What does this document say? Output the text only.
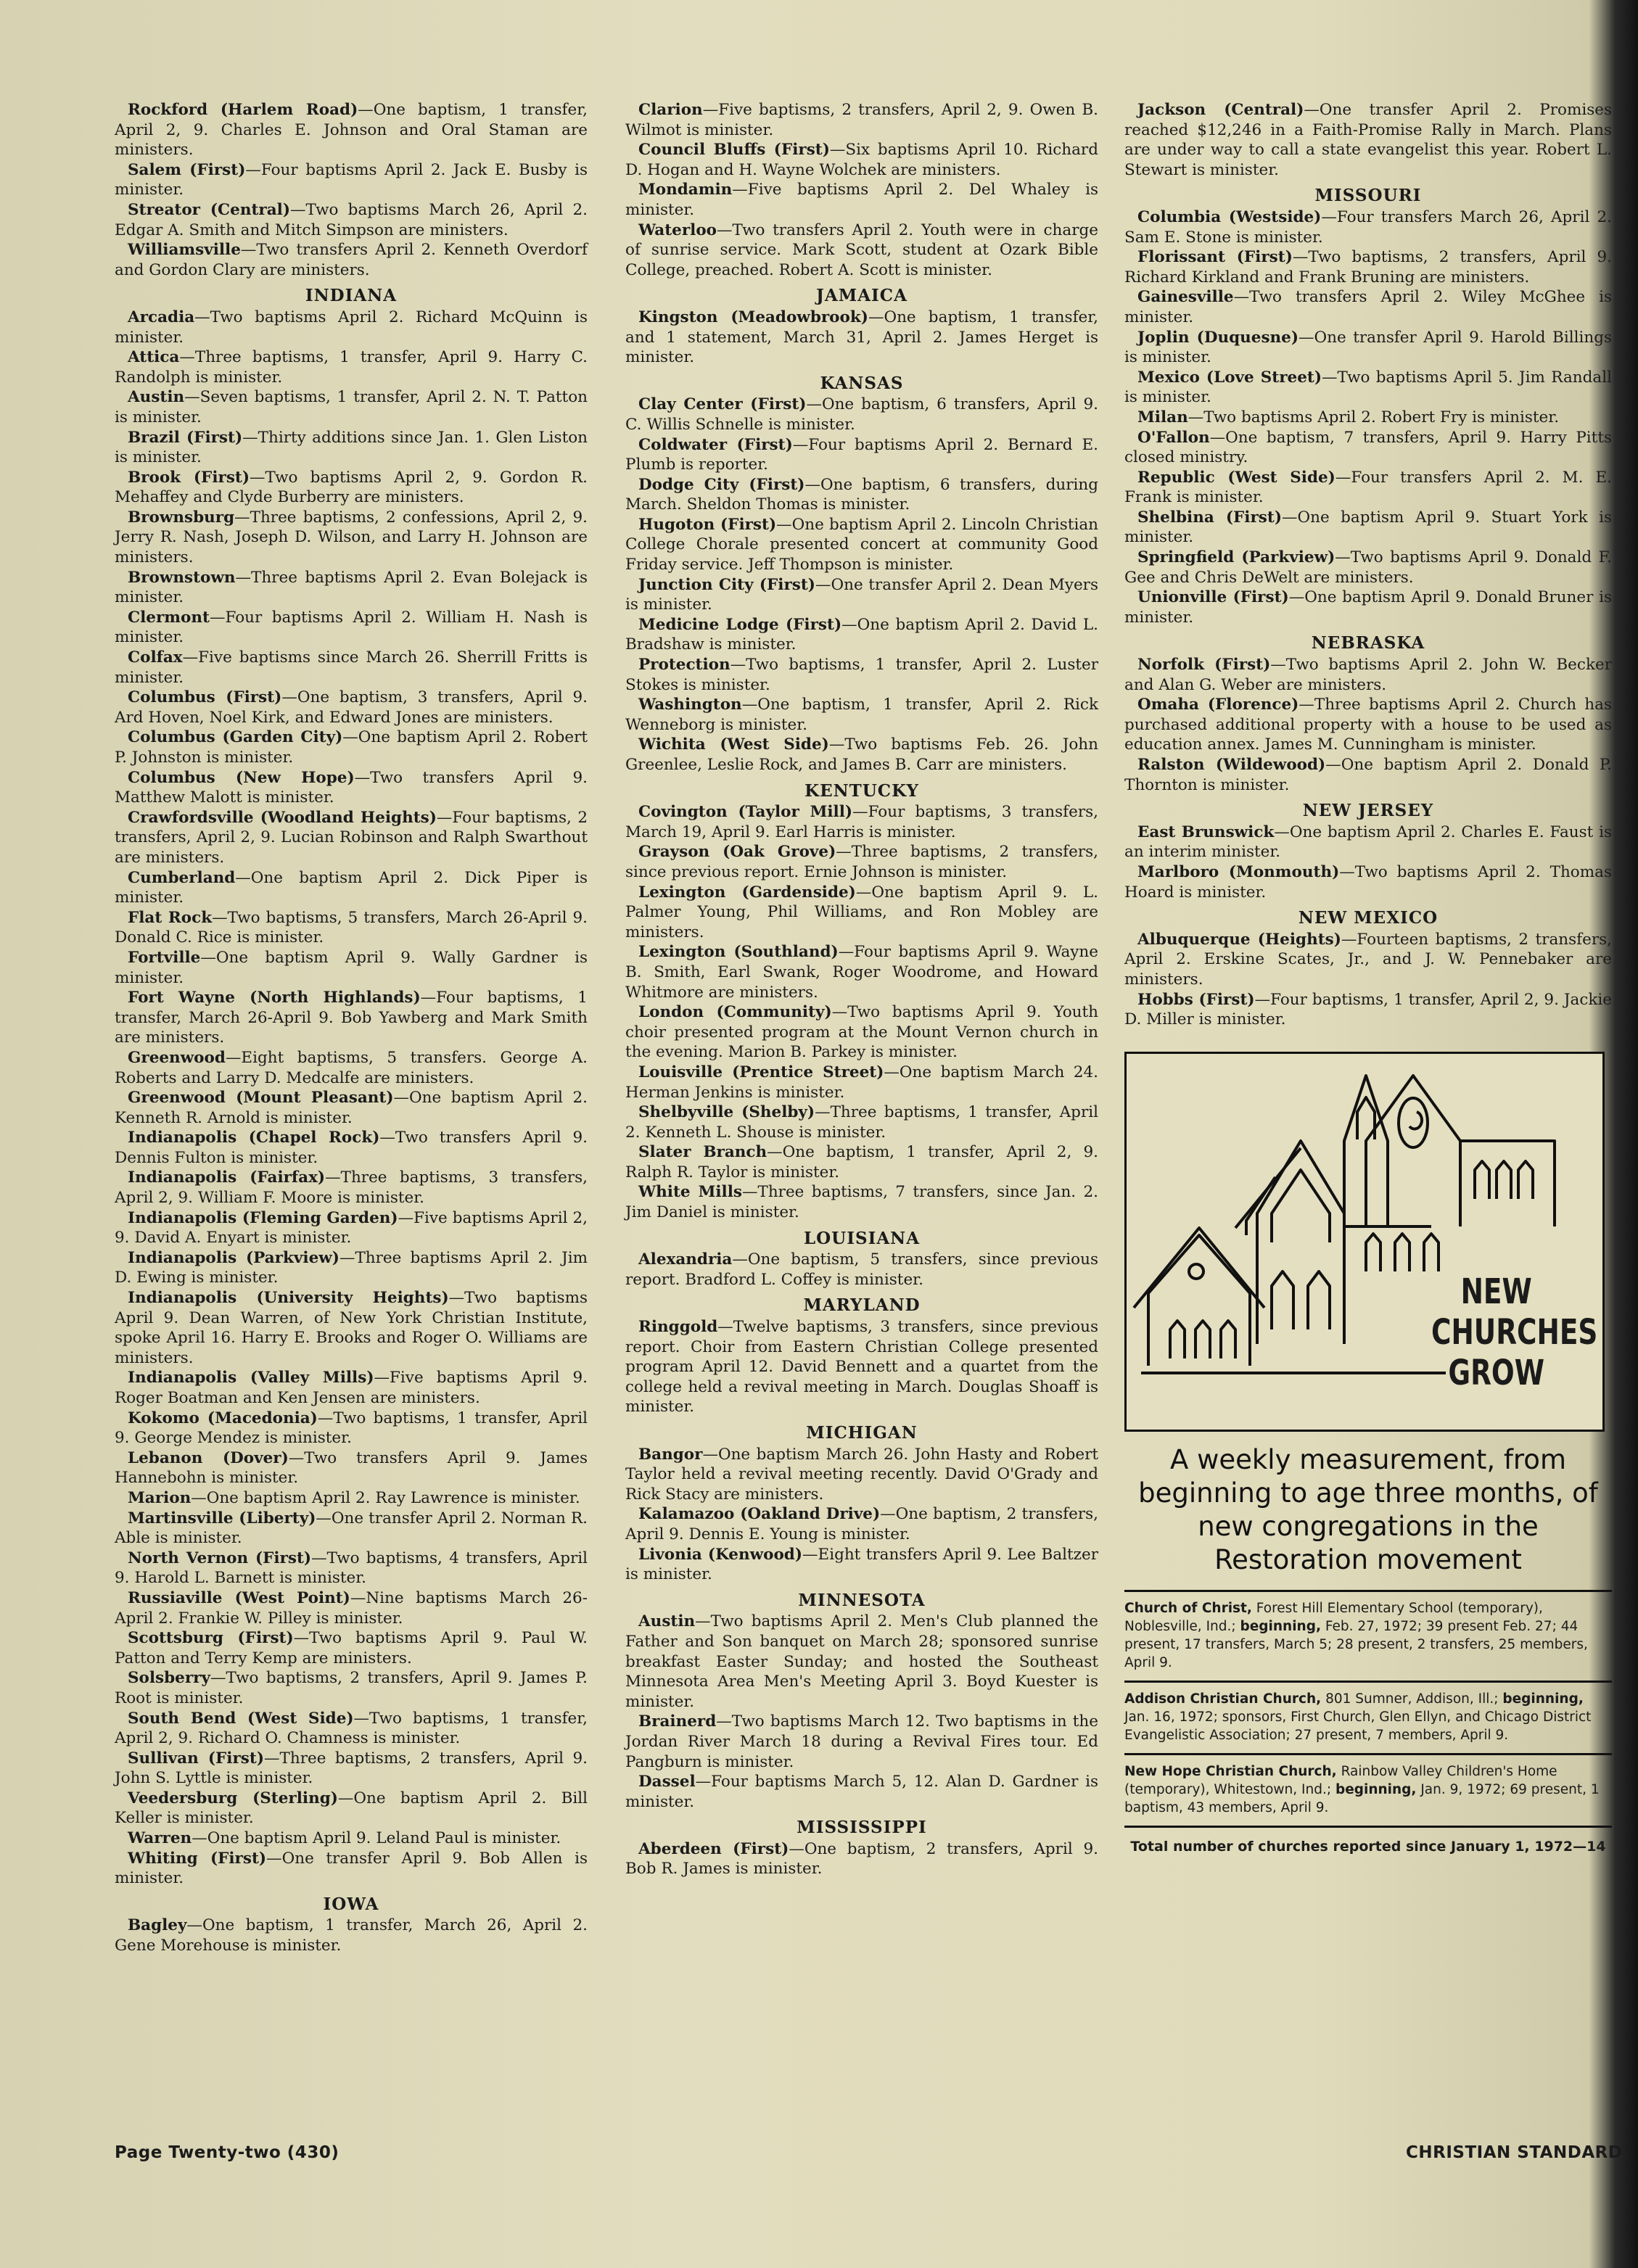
Rockford (Harlem Road)—One baptism, 1 transfer, April 2, 9. Charles E. Johnson and Oral Staman are ministers.

Salem (First)—Four baptisms April 2. Jack E. Busby is minister.

Streator (Central)—Two baptisms March 26, April 2. Edgar A. Smith and Mitch Simpson are ministers.

Williamsville—Two transfers April 2. Kenneth Overdorf and Gordon Clary are ministers.

INDIANA

Arcadia—Two baptisms April 2. Richard McQuinn is minister.

Attica—Three baptisms, 1 transfer, April 9. Harry C. Randolph is minister.

Austin—Seven baptisms, 1 transfer, April 2. N. T. Patton is minister.

Brazil (First)—Thirty additions since Jan. 1. Glen Liston is minister.

Brook (First)—Two baptisms April 2, 9. Gordon R. Mehaffey and Clyde Burberry are ministers.

Brownsburg—Three baptisms, 2 confessions, April 2, 9. Jerry R. Nash, Joseph D. Wilson, and Larry H. Johnson are ministers.

Brownstown—Three baptisms April 2. Evan Bolejack is minister.

Clermont—Four baptisms April 2. William H. Nash is minister.

Colfax—Five baptisms since March 26. Sherrill Fritts is minister.

Columbus (First)—One baptism, 3 transfers, April 9. Ard Hoven, Noel Kirk, and Edward Jones are ministers.

Columbus (Garden City)—One baptism April 2. Robert P. Johnston is minister.

Columbus (New Hope)—Two transfers April 9. Matthew Malott is minister.

Crawfordsville (Woodland Heights)—Four baptisms, 2 transfers, April 2, 9. Lucian Robinson and Ralph Swarthout are ministers.

Cumberland—One baptism April 2. Dick Piper is minister.

Flat Rock—Two baptisms, 5 transfers, March 26-April 9. Donald C. Rice is minister.

Fortville—One baptism April 9. Wally Gardner is minister.

Fort Wayne (North Highlands)—Four baptisms, 1 transfer, March 26-April 9. Bob Yawberg and Mark Smith are ministers.

Greenwood—Eight baptisms, 5 transfers. George A. Roberts and Larry D. Medcalfe are ministers.

Greenwood (Mount Pleasant)—One baptism April 2. Kenneth R. Arnold is minister.

Indianapolis (Chapel Rock)—Two transfers April 9. Dennis Fulton is minister.

Indianapolis (Fairfax)—Three baptisms, 3 transfers, April 2, 9. William F. Moore is minister.

Indianapolis (Fleming Garden)—Five baptisms April 2, 9. David A. Enyart is minister.

Indianapolis (Parkview)—Three baptisms April 2. Jim D. Ewing is minister.

Indianapolis (University Heights)—Two baptisms April 9. Dean Warren, of New York Christian Institute, spoke April 16. Harry E. Brooks and Roger O. Williams are ministers.

Indianapolis (Valley Mills)—Five baptisms April 9. Roger Boatman and Ken Jensen are ministers.

Kokomo (Macedonia)—Two baptisms, 1 transfer, April 9. George Mendez is minister.

Lebanon (Dover)—Two transfers April 9. James Hannebohn is minister.

Marion—One baptism April 2. Ray Lawrence is minister.

Martinsville (Liberty)—One transfer April 2. Norman R. Able is minister.

North Vernon (First)—Two baptisms, 4 transfers, April 9. Harold L. Barnett is minister.

Russiaville (West Point)—Nine baptisms March 26-April 2. Frankie W. Pilley is minister.

Scottsburg (First)—Two baptisms April 9. Paul W. Patton and Terry Kemp are ministers.

Solsberry—Two baptisms, 2 transfers, April 9. James P. Root is minister.

South Bend (West Side)—Two baptisms, 1 transfer, April 2, 9. Richard O. Chamness is minister.

Sullivan (First)—Three baptisms, 2 transfers, April 9. John S. Lyttle is minister.

Veedersburg (Sterling)—One baptism April 2. Bill Keller is minister.

Warren—One baptism April 9. Leland Paul is minister.

Whiting (First)—One transfer April 9. Bob Allen is minister.

IOWA

Bagley—One baptism, 1 transfer, March 26, April 2. Gene Morehouse is minister.

Clarion—Five baptisms, 2 transfers, April 2, 9. Owen B. Wilmot is minister.

Council Bluffs (First)—Six baptisms April 10. Richard D. Hogan and H. Wayne Wolchek are ministers.

Mondamin—Five baptisms April 2. Del Whaley is minister.

Waterloo—Two transfers April 2. Youth were in charge of sunrise service. Mark Scott, student at Ozark Bible College, preached. Robert A. Scott is minister.

JAMAICA

Kingston (Meadowbrook)—One baptism, 1 transfer, and 1 statement, March 31, April 2. James Herget is minister.

KANSAS

Clay Center (First)—One baptism, 6 transfers, April 9. C. Willis Schnelle is minister.

Coldwater (First)—Four baptisms April 2. Bernard E. Plumb is reporter.

Dodge City (First)—One baptism, 6 transfers, during March. Sheldon Thomas is minister.

Hugoton (First)—One baptism April 2. Lincoln Christian College Chorale presented concert at community Good Friday service. Jeff Thompson is minister.

Junction City (First)—One transfer April 2. Dean Myers is minister.

Medicine Lodge (First)—One baptism April 2. David L. Bradshaw is minister.

Protection—Two baptisms, 1 transfer, April 2. Luster Stokes is minister.

Washington—One baptism, 1 transfer, April 2. Rick Wenneborg is minister.

Wichita (West Side)—Two baptisms Feb. 26. John Greenlee, Leslie Rock, and James B. Carr are ministers.

KENTUCKY

Covington (Taylor Mill)—Four baptisms, 3 transfers, March 19, April 9. Earl Harris is minister.

Grayson (Oak Grove)—Three baptisms, 2 transfers, since previous report. Ernie Johnson is minister.

Lexington (Gardenside)—One baptism April 9. L. Palmer Young, Phil Williams, and Ron Mobley are ministers.

Lexington (Southland)—Four baptisms April 9. Wayne B. Smith, Earl Swank, Roger Woodrome, and Howard Whitmore are ministers.

London (Community)—Two baptisms April 9. Youth choir presented program at the Mount Vernon church in the evening. Marion B. Parkey is minister.

Louisville (Prentice Street)—One baptism March 24. Herman Jenkins is minister.

Shelbyville (Shelby)—Three baptisms, 1 transfer, April 2. Kenneth L. Shouse is minister.

Slater Branch—One baptism, 1 transfer, April 2, 9. Ralph R. Taylor is minister.

White Mills—Three baptisms, 7 transfers, since Jan. 2. Jim Daniel is minister.

LOUISIANA

Alexandria—One baptism, 5 transfers, since previous report. Bradford L. Coffey is minister.

MARYLAND

Ringgold—Twelve baptisms, 3 transfers, since previous report. Choir from Eastern Christian College presented program April 12. David Bennett and a quartet from the college held a revival meeting in March. Douglas Shoaff is minister.

MICHIGAN

Bangor—One baptism March 26. John Hasty and Robert Taylor held a revival meeting recently. David O'Grady and Rick Stacy are ministers.

Kalamazoo (Oakland Drive)—One baptism, 2 transfers, April 9. Dennis E. Young is minister.

Livonia (Kenwood)—Eight transfers April 9. Lee Baltzer is minister.

MINNESOTA

Austin—Two baptisms April 2. Men's Club planned the Father and Son banquet on March 28; sponsored sunrise breakfast Easter Sunday; and hosted the Southeast Minnesota Area Men's Meeting April 3. Boyd Kuester is minister.

Brainerd—Two baptisms March 12. Two baptisms in the Jordan River March 18 during a Revival Fires tour. Ed Pangburn is minister.

Dassel—Four baptisms March 5, 12. Alan D. Gardner is minister.

MISSISSIPPI

Aberdeen (First)—One baptism, 2 transfers, April 9. Bob R. James is minister.

Jackson (Central)—One transfer April 2. Promises reached $12,246 in a Faith-Promise Rally in March. Plans are under way to call a state evangelist this year. Robert L. Stewart is minister.

MISSOURI

Columbia (Westside)—Four transfers March 26, April 2. Sam E. Stone is minister.

Florissant (First)—Two baptisms, 2 transfers, April 9. Richard Kirkland and Frank Bruning are ministers.

Gainesville—Two transfers April 2. Wiley McGhee is minister.

Joplin (Duquesne)—One transfer April 9. Harold Billings is minister.

Mexico (Love Street)—Two baptisms April 5. Jim Randall is minister.

Milan—Two baptisms April 2. Robert Fry is minister.

O'Fallon—One baptism, 7 transfers, April 9. Harry Pitts closed ministry.

Republic (West Side)—Four transfers April 2. M. E. Frank is minister.

Shelbina (First)—One baptism April 9. Stuart York is minister.

Springfield (Parkview)—Two baptisms April 9. Donald F. Gee and Chris DeWelt are ministers.

Unionville (First)—One baptism April 9. Donald Bruner is minister.

NEBRASKA

Norfolk (First)—Two baptisms April 2. John W. Becker and Alan G. Weber are ministers.

Omaha (Florence)—Three baptisms April 2. Church has purchased additional property with a house to be used as education annex. James M. Cunningham is minister.

Ralston (Wildewood)—One baptism April 2. Donald P. Thornton is minister.

NEW JERSEY

East Brunswick—One baptism April 2. Charles E. Faust is an interim minister.

Marlboro (Monmouth)—Two baptisms April 2. Thomas Hoard is minister.

NEW MEXICO

Albuquerque (Heights)—Fourteen baptisms, 2 transfers, April 2. Erskine Scates, Jr., and J. W. Pennebaker are ministers.

Hobbs (First)—Four baptisms, 1 transfer, April 2, 9. Jackie D. Miller is minister.

NEW
CHURCHES
GROW
A weekly measurement, from beginning to age three months, of new congregations in the Restoration movement

Church of Christ, Forest Hill Elementary School (temporary), Noblesville, Ind.; beginning, Feb. 27, 1972; 39 present Feb. 27; 44 present, 17 transfers, March 5; 28 present, 2 transfers, 25 members, April 9.

Addison Christian Church, 801 Sumner, Addison, Ill.; beginning, Jan. 16, 1972; sponsors, First Church, Glen Ellyn, and Chicago District Evangelistic Association; 27 present, 7 members, April 9.

New Hope Christian Church, Rainbow Valley Children's Home (temporary), Whitestown, Ind.; beginning, Jan. 9, 1972; 69 present, 1 baptism, 43 members, April 9.

Total number of churches reported since January 1, 1972—14
Page Twenty-two (430)	CHRISTIAN STANDARD
